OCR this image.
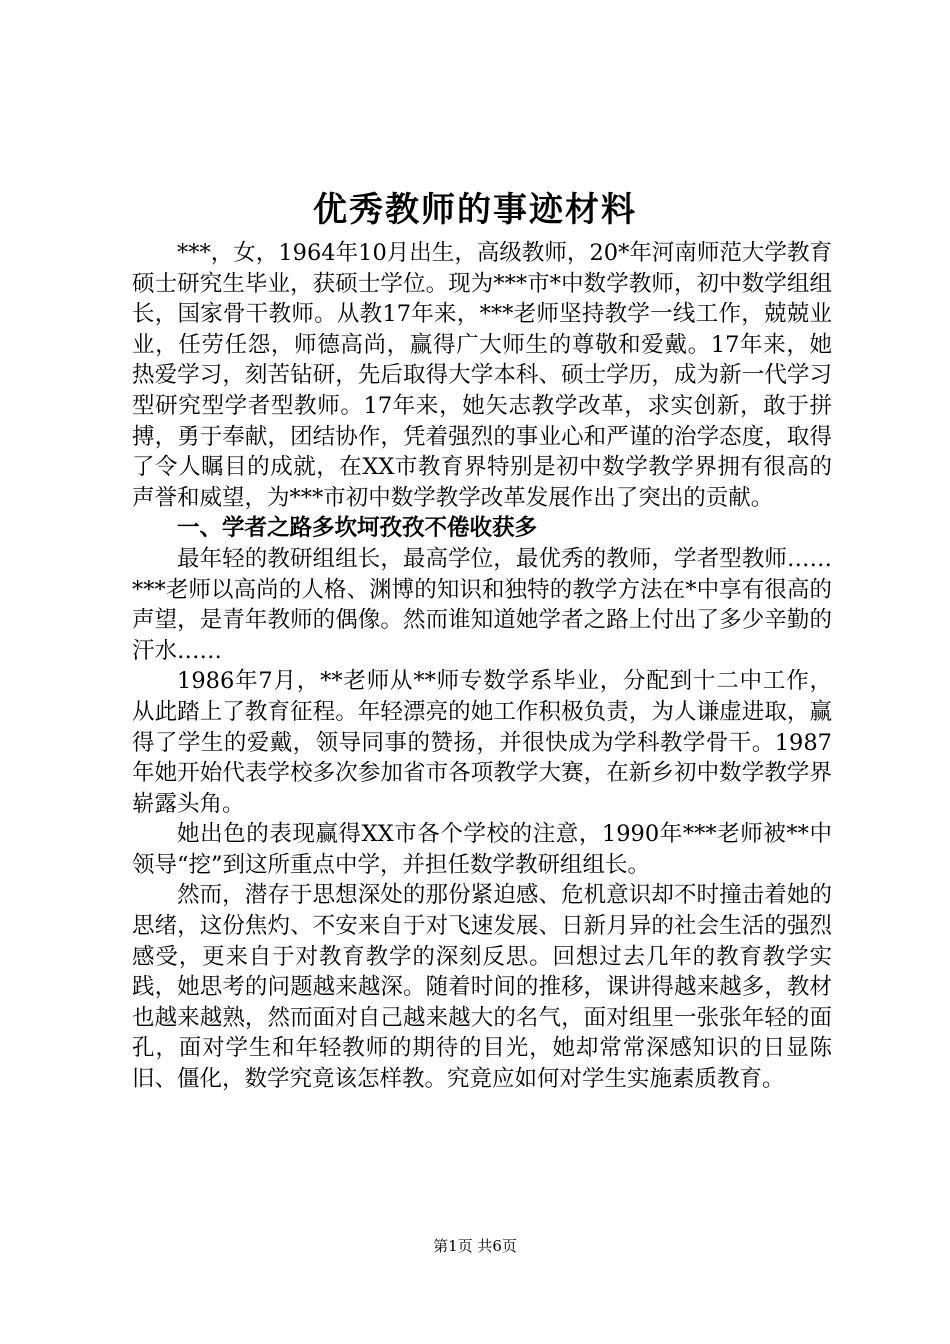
优秀教师的事迹材料

***，女，1964年10月出生，高级教师，20*年河南师范大学教育硕士研究生毕业，获硕士学位。现为***市*中数学教师，初中数学组组长，国家骨干教师。从教17年来，***老师坚持教学一线工作，兢兢业业，任劳任怨，师德高尚，赢得广大师生的尊敬和爱戴。17年来，她热爱学习，刻苦钻研，先后取得大学本科、硕士学历，成为新一代学习型研究型学者型教师。17年来，她矢志教学改革，求实创新，敢于拼搏，勇于奉献，团结协作，凭着强烈的事业心和严谨的治学态度，取得了令人瞩目的成就，在XX市教育界特别是初中数学教学界拥有很高的声誉和威望，为***市初中数学教学改革发展作出了突出的贡献。

一、学者之路多坎坷孜孜不倦收获多

最年轻的教研组组长，最高学位，最优秀的教师，学者型教师……***老师以高尚的人格、渊博的知识和独特的教学方法在*中享有很高的声望，是青年教师的偶像。然而谁知道她学者之路上付出了多少辛勤的汗水……

1986年7月，**老师从**师专数学系毕业，分配到十二中工作，从此踏上了教育征程。年轻漂亮的她工作积极负责，为人谦虚进取，赢得了学生的爱戴，领导同事的赞扬，并很快成为学科教学骨干。1987年她开始代表学校多次参加省市各项教学大赛，在新乡初中数学教学界崭露头角。

她出色的表现赢得XX市各个学校的注意，1990年***老师被**中领导“挖”到这所重点中学，并担任数学教研组组长。

然而，潜存于思想深处的那份紧迫感、危机意识却不时撞击着她的思绪，这份焦灼、不安来自于对飞速发展、日新月异的社会生活的强烈感受，更来自于对教育教学的深刻反思。回想过去几年的教育教学实践，她思考的问题越来越深。随着时间的推移，课讲得越来越多，教材也越来越熟，然而面对自己越来越大的名气，面对组里一张张年轻的面孔，面对学生和年轻教师的期待的目光，她却常常深感知识的日显陈旧、僵化，数学究竟该怎样教。究竟应如何对学生实施素质教育。

第1页 共6页
